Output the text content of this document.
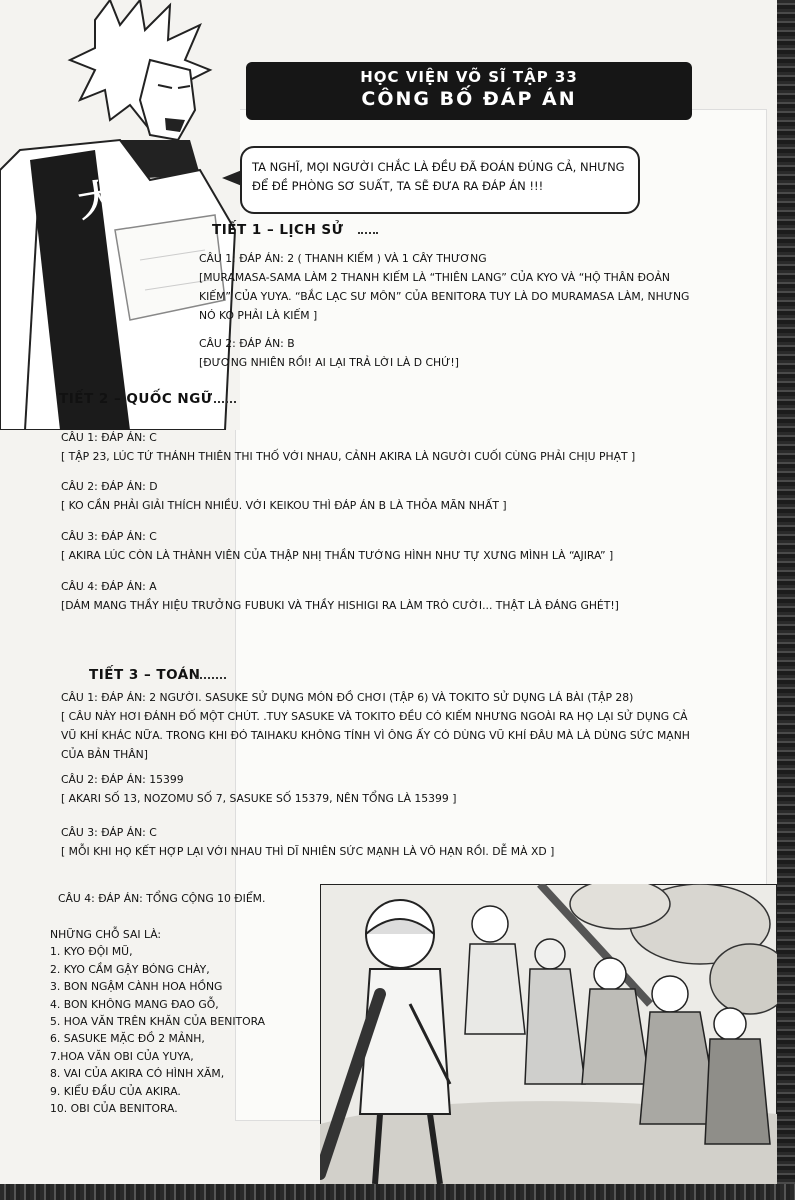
大
HỌC VIỆN VÕ SĨ TẬP 33
CÔNG BỐ ĐÁP ÁN
TA NGHĨ, MỌI NGƯỜI CHẮC LÀ ĐỀU ĐÃ ĐOÁN ĐÚNG CẢ, NHƯNG
ĐỂ ĐỀ PHÒNG SƠ SUẤT, TA SẼ ĐƯA RA ĐÁP ÁN !!!
TIẾT 1 – LỊCH SỬ
CÂU 1: ĐÁP ÁN: 2 ( THANH KIẾM ) VÀ 1 CÂY THƯƠNG
[MURAMASA-SAMA LÀM 2 THANH KIẾM LÀ “THIÊN LANG” CỦA KYO VÀ “HỘ THÂN ĐOẢN
KIẾM” CỦA YUYA. “BẮC LẠC SƯ MÔN” CỦA BENITORA TUY LÀ DO MURAMASA LÀM, NHƯNG
NÓ KO PHẢI LÀ KIẾM ]
CÂU 2: ĐÁP ÁN: B
[ĐƯƠNG NHIÊN RỒI! AI LẠI TRẢ LỜI LÀ D CHỨ!]
TIẾT 2 – QUỐC NGỮ
CÂU 1: ĐÁP ÁN: C
[ TẬP 23, LÚC TỨ THÁNH THIÊN THI THỐ VỚI NHAU, CẢNH AKIRA LÀ NGƯỜI CUỐI CÙNG PHẢI CHỊU PHẠT ]
CÂU 2: ĐÁP ÁN: D
[ KO CẦN PHẢI GIẢI THÍCH NHIỀU. VỚI KEIKOU THÌ ĐÁP ÁN B LÀ THỎA MÃN NHẤT ]
CÂU 3: ĐÁP ÁN: C
[ AKIRA LÚC CÒN LÀ THÀNH VIÊN CỦA THẬP NHỊ THẦN TƯỚNG HÌNH NHƯ TỰ XƯNG MÌNH LÀ “AJIRA” ]
CÂU 4: ĐÁP ÁN: A
[DÁM MANG THẦY HIỆU TRƯỞNG FUBUKI VÀ THẦY HISHIGI RA LÀM TRÒ CƯỜI... THẬT LÀ ĐÁNG GHÉT!]
TIẾT 3 – TOÁN
CÂU 1: ĐÁP ÁN: 2 NGƯỜI. SASUKE SỬ DỤNG MÓN ĐỒ CHƠI (TẬP 6) VÀ TOKITO SỬ DỤNG LÁ BÀI (TẬP 28)
[ CÂU NÀY HƠI ĐÁNH ĐỐ MỘT CHÚT. .TUY SASUKE VÀ TOKITO ĐỀU CÓ KIẾM NHƯNG NGOÀI RA HỌ LẠI SỬ DỤNG CẢ
VŨ KHÍ KHÁC NỮA. TRONG KHI ĐÓ TAIHAKU KHÔNG TÍNH VÌ ÔNG ẤY CÓ DÙNG VŨ KHÍ ĐÂU MÀ LÀ DÙNG SỨC MẠNH
CỦA BẢN THÂN]
CÂU 2: ĐÁP ÁN: 15399
[ AKARI SỐ 13, NOZOMU SỐ 7, SASUKE SỐ 15379, NÊN TỔNG LÀ 15399 ]
CÂU 3: ĐÁP ÁN: C
[ MỖI KHI HỌ KẾT HỢP LẠI VỚI NHAU THÌ DĨ NHIÊN SỨC MẠNH LÀ VÔ HẠN RỒI. DỄ MÀ XD ]
CÂU 4: ĐÁP ÁN: TỔNG CỘNG 10 ĐIỂM.
NHỮNG CHỖ SAI LÀ:
1. KYO ĐỘI MŨ,
2. KYO CẦM GẬY BÓNG CHÀY,
3. BON NGẬM CÀNH HOA HỒNG
4. BON KHÔNG MANG ĐAO GỖ,
5. HOA VĂN TRÊN KHĂN CỦA BENITORA
6. SASUKE MẶC ĐỒ 2 MẢNH,
7.HOA VĂN OBI CỦA YUYA,
8. VAI CỦA AKIRA CÓ HÌNH XĂM,
9. KIỂU ĐẦU CỦA AKIRA.
10. OBI CỦA BENITORA.
